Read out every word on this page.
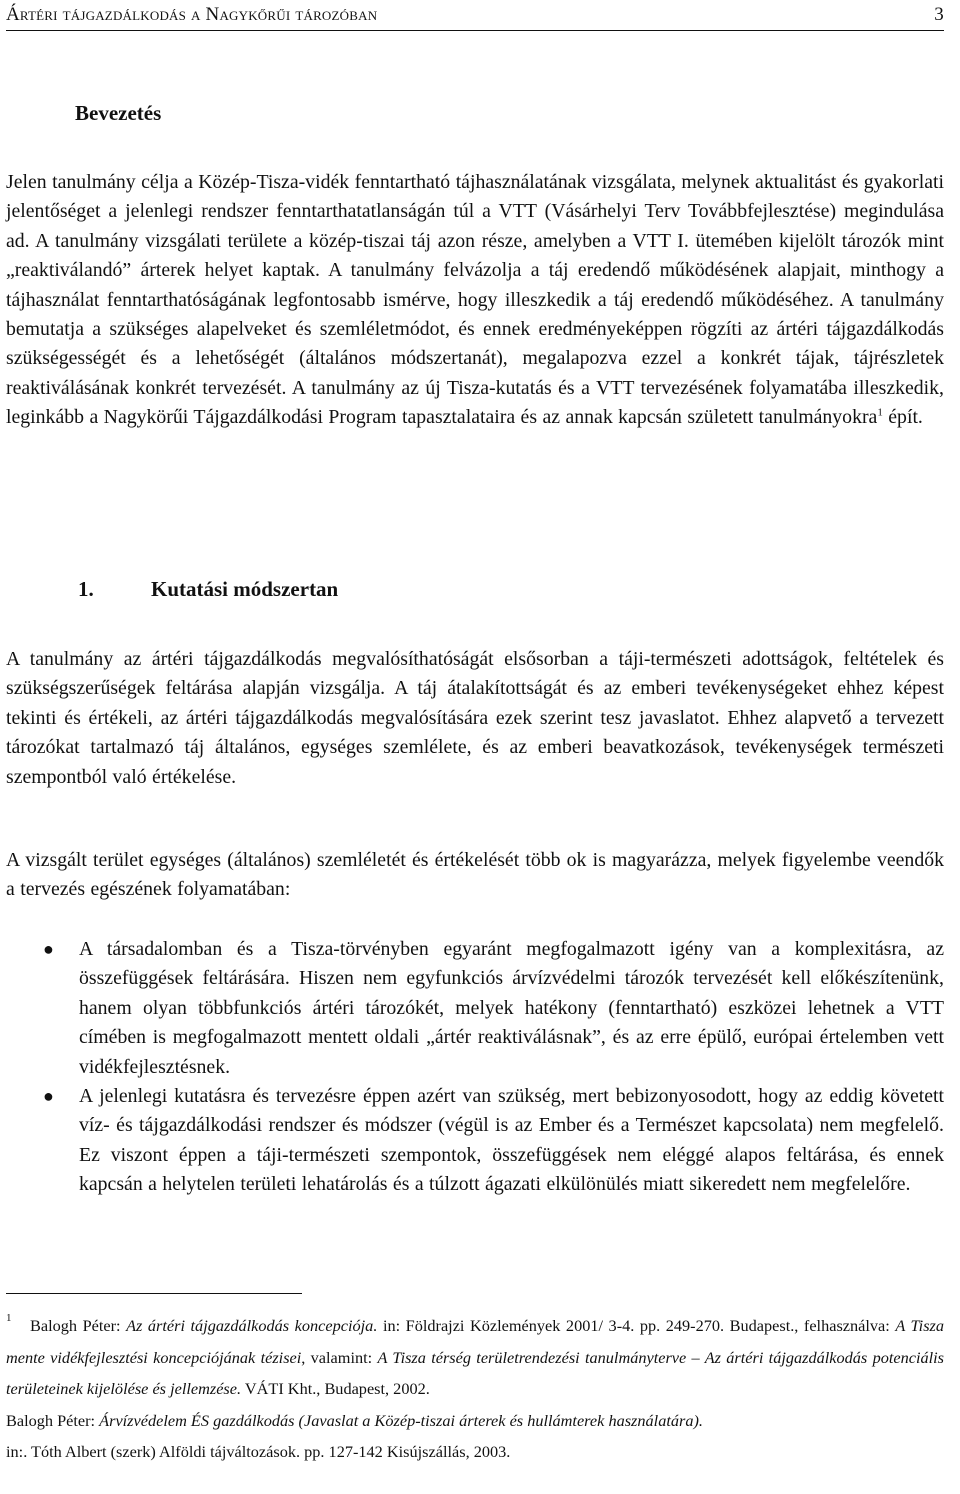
Ártéri tájgazdálkodás a Nagykőrűi tározóban	3
Bevezetés

Jelen tanulmány célja a Közép-Tisza-vidék fenntartható tájhasználatának vizsgálata, melynek aktualitást és gyakorlati jelentőséget a jelenlegi rendszer fenntarthatatlanságán túl a VTT (Vásárhelyi Terv Továbbfejlesztése) megindulása ad. A tanulmány vizsgálati területe a közép-tiszai táj azon része, amelyben a VTT I. ütemében kijelölt tározók mint „reaktiválandó” árterek helyet kaptak. A tanulmány felvázolja a táj eredendő működésének alapjait, minthogy a tájhasználat fenntarthatóságának legfontosabb ismérve, hogy illeszkedik a táj eredendő működéséhez. A tanulmány bemutatja a szükséges alapelveket és szemléletmódot, és ennek eredményeképpen rögzíti az ártéri tájgazdálkodás szükségességét és a lehetőségét (általános módszertanát), megalapozva ezzel a konkrét tájak, tájrészletek reaktiválásának konkrét tervezését. A tanulmány az új Tisza-kutatás és a VTT tervezésének folyamatába illeszkedik, leginkább a Nagykörűi Tájgazdálkodási Program tapasztalataira és az annak kapcsán született tanulmányokra$^1$ épít.

1.	Kutatási módszertan

A tanulmány az ártéri tájgazdálkodás megvalósíthatóságát elsősorban a táji-természeti adottságok, feltételek és szükségszerűségek feltárása alapján vizsgálja. A táj átalakítottságát és az emberi tevékenységeket ehhez képest tekinti és értékeli, az ártéri tájgazdálkodás megvalósítására ezek szerint tesz javaslatot. Ehhez alapvető a tervezett tározókat tartalmazó táj általános, egységes szemlélete, és az emberi beavatkozások, tevékenységek természeti szempontból való értékelése.

A vizsgált terület egységes (általános) szemléletét és értékelését több ok is magyarázza, melyek figyelembe veendők a tervezés egészének folyamatában:

● A társadalomban és a Tisza-törvényben egyaránt megfogalmazott igény van a komplexitásra, az összefüggések feltárására. Hiszen nem egyfunkciós árvízvédelmi tározók tervezését kell előkészítenünk, hanem olyan többfunkciós ártéri tározókét, melyek hatékony (fenntartható) eszközei lehetnek a VTT címében is megfogalmazott mentett oldali „ártér reaktiválásnak”, és az erre épülő, európai értelemben vett vidékfejlesztésnek.
● A jelenlegi kutatásra és tervezésre éppen azért van szükség, mert bebizonyosodott, hogy az eddig követett víz- és tájgazdálkodási rendszer és módszer (végül is az Ember és a Természet kapcsolata) nem megfelelő. Ez viszont éppen a táji-természeti szempontok, összefüggések nem eléggé alapos feltárása, és ennek kapcsán a helytelen területi lehatárolás és a túlzott ágazati elkülönülés miatt sikeredett nem megfelelőre.

1 Balogh Péter: Az ártéri tájgazdálkodás koncepciója. in: Földrajzi Közlemények 2001/ 3-4. pp. 249-270. Budapest., felhasználva: A Tisza mente vidékfejlesztési koncepciójának tézisei, valamint: A Tisza térség területrendezési tanulmányterve – Az ártéri tájgazdálkodás potenciális területeinek kijelölése és jellemzése. VÁTI Kht., Budapest, 2002.

Balogh Péter: Árvízvédelem ÉS gazdálkodás (Javaslat a Közép-tiszai árterek és hullámterek használatára).

in:. Tóth Albert (szerk) Alföldi tájváltozások. pp. 127-142 Kisújszállás, 2003.
